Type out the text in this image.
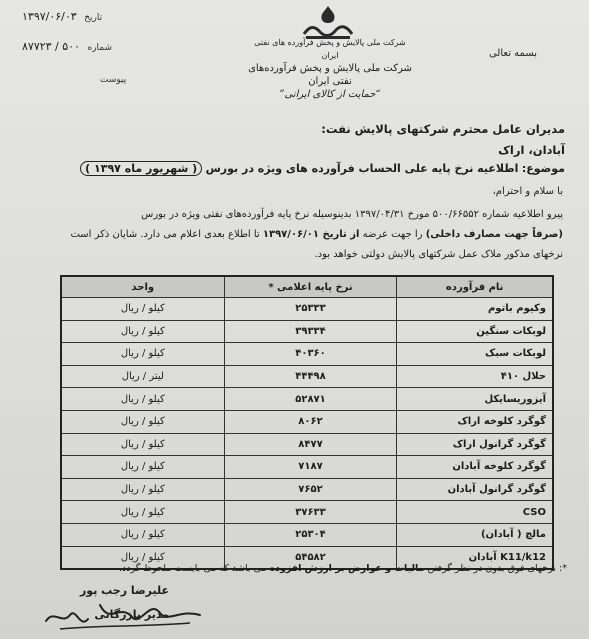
تاریخ ۱۳۹۷/۰۶/۰۳
شماره ۵۰۰ / ۸۷۷۲۳
پیوست
شرکت ملی پالایش و پخش فرآورده های نفتی ایران
شرکت ملی پالایش و پخش فرآورده‌های نفتی ایران
“حمایت از کالای ایرانی”
بسمه تعالی
مدیران عامل محترم شرکتهای پالایش نفت:
آبادان، اراک
موضوع: اطلاعیه نرخ پایه علی الحساب فرآورده های ویژه در بورس ( شهریور ماه ۱۳۹۷ )
با سلام و احترام،
پیرو اطلاعیه شماره ۵۰۰/۶۶۵۵۲ مورخ ۱۳۹۷/۰۴/۳۱ بدینوسیله نرخ پایه فرآورده‌های نفتی ویژه در بورس
(صرفاً جهت مصارف داخلی) را جهت عرضه از تاریخ ۱۳۹۷/۰۶/۰۱ تا اطلاع بعدی اعلام می دارد. شایان ذکر است
نرخهای مذکور ملاک عمل شرکتهای پالایش دولتی خواهد بود.
نام فرآورده	نرخ پایه اعلامی *	واحد
وکیوم باتوم	۲۵۳۳۳	کیلو / ریال
لوبکات سنگین	۳۹۳۳۴	کیلو / ریال
لوبکات سبک	۴۰۳۶۰	کیلو / ریال
حلال ۴۱۰	۴۴۴۹۸	لیتر / ریال
آیزوریسایکل	۵۲۸۷۱	کیلو / ریال
گوگرد کلوخه اراک	۸۰۶۲	کیلو / ریال
گوگرد گرانول اراک	۸۴۷۷	کیلو / ریال
گوگرد کلوخه آبادان	۷۱۸۷	کیلو / ریال
گوگرد گرانول آبادان	۷۶۵۲	کیلو / ریال
CSO	۳۷۶۳۳	کیلو / ریال
مالچ ( آبادان)	۲۵۳۰۴	کیلو / ریال
K11/k12 آبادان	۵۴۵۸۲	کیلو / ریال
*: نرخهای فوق بدون در نظر گرفتن مالیات و عوارض بر ارزش افزوده می باشد که می بایست ملحوظ گردد.
علیرضا رجب پور
مدیر بازرگانی
